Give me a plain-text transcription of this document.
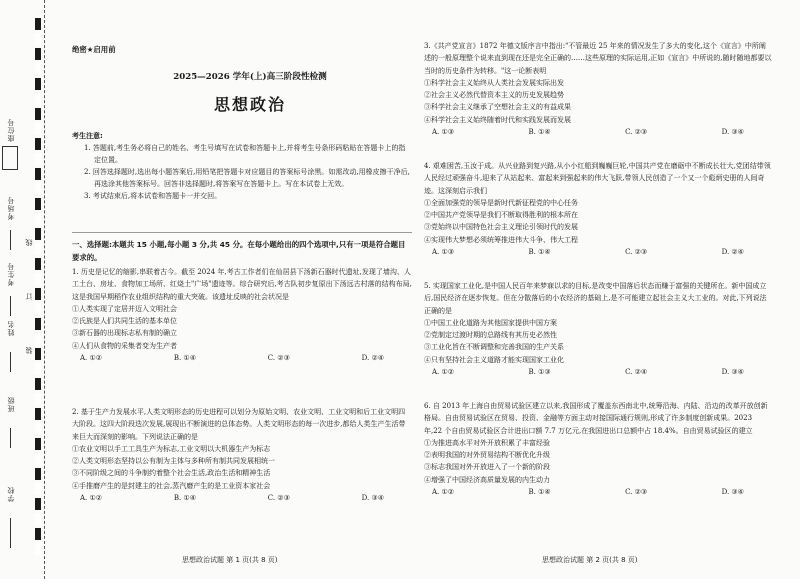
座位号
考场号
考生号
姓名
班级
学校
线
订
装
绝密★启用前
2025—2026 学年(上)高三阶段性检测
思想政治
考生注意:

1. 答题前,考生务必将自己的姓名、考生号填写在试卷和答题卡上,并将考生号条形码粘贴在答题卡上的指定位置。

2. 回答选择题时,选出每小题答案后,用铅笔把答题卡对应题目的答案标号涂黑。如需改动,用橡皮擦干净后,再选涂其他答案标号。回答非选择题时,将答案写在答题卡上。写在本试卷上无效。

3. 考试结束后,将本试卷和答题卡一并交回。

一、选择题:本题共 15 小题,每小题 3 分,共 45 分。在每小题给出的四个选项中,只有一项是符合题目要求的。

1. 历史是记忆的缩影,串联着古今。截至 2024 年,考古工作者们在仙居县下汤新石器时代遗址,发现了墙沟、人工土台、房址、食物加工场所、红烧土"广场"遗迹等。综合研究后,考古队初步复原出下汤远古村落的结构布局,这是我国早期稻作农业组织结构的重大突破。该遗址反映的社会状况是

①人类实现了定居并迈入文明社会

②氏族是人们共同生活的基本单位

③新石器的出现标志私有制的确立

④人们从食物的采集者变为生产者

A. ①②	B. ①④	C. ②③	D. ②④

2. 基于生产力发展水平,人类文明形态的历史进程可以划分为原始文明、农业文明、工业文明和后工业文明四大阶段。这四大阶段迭次发展,展现出不断演进的总体态势。人类文明形态的每一次进步,都给人类生产生活带来巨大而深刻的影响。下列说法正确的是

①农业文明以手工工具生产为标志,工业文明以大机器生产为标志

②人类文明形态坚持以公有制为主体与多种所有制共同发展相统一

③不同阶级之间的斗争制约着整个社会生活,政治生活和精神生活

④手推磨产生的是封建主的社会,蒸汽磨产生的是工业资本家社会

A. ①②	B. ①④	C. ②③	D. ③④

3.《共产党宣言》1872 年德文版序言中指出:"不管最近 25 年来的情况发生了多大的变化,这个《宣言》中所阐述的一般原理整个说来直到现在还是完全正确的……这些原理的实际运用,正如《宣言》中所说的,随时随地都要以当时的历史条件为转移。"这一论断表明

①科学社会主义始终从人类社会发展实际出发

②社会主义必然代替资本主义的历史发展趋势

③科学社会主义继承了空想社会主义的有益成果

④科学社会主义始终随着时代和实践发展而发展

A. ①③	B. ①④	C. ②③	D. ③④

4. 艰难困苦,玉汝于成。从兴业路到复兴路,从小小红船到巍巍巨轮,中国共产党在磨砺中不断成长壮大,党团结带领人民经过顽强奋斗,迎来了从站起来、富起来到强起来的伟大飞跃,带领人民创造了一个又一个彪炳史册的人间奇迹。这深刻启示我们

①全面加强党的领导是新时代新征程党的中心任务

②中国共产党领导是我们不断取得胜利的根本所在

③党始终以中国特色社会主义理论引领时代的发展

④实现伟大梦想必须统筹推进伟大斗争、伟大工程

A. ①③	B. ①④	C. ②③	D. ②④

5. 实现国家工业化,是中国人民百年来梦寐以求的目标,是改变中国落后状态而赚于富强的关键所在。新中国成立后,国民经济在逐步恢复。但在分散落后的小农经济的基础上,是不可能建立起社会主义大工业的。对此,下列说法正确的是

①中国工业化道路为其他国家提供中国方案

②党制定过渡时期的总路线有其历史必然性

③工业化旨在不断调整和完善我国的生产关系

④只有坚持社会主义道路才能实现国家工业化

A. ①②	B. ①③	C. ②④	D. ③④

6. 自 2013 年上海自由贸易试验区建立以来,我国形成了覆盖东西南北中,统筹沿海、内陆、沿边的改革开放创新格局。自由贸易试验区在贸易、投资、金融等方面主动对接国际通行规则,形成了许多制度创新成果。2023 年,22 个自由贸易试验区合计进出口额 7.7 万亿元,在我国进出口总额中占 18.4%。自由贸易试验区的建立

①为推进高水平对外开放积累了丰富经验

②表明我国的对外贸易结构不断优化升级

③标志我国对外开放进入了一个新的阶段

④增强了中国经济高质量发展的内生动力

A. ①②	B. ①④	C. ②③	D. ③④
思想政治试题 第 1 页(共 8 页)	思想政治试题 第 2 页(共 8 页)
